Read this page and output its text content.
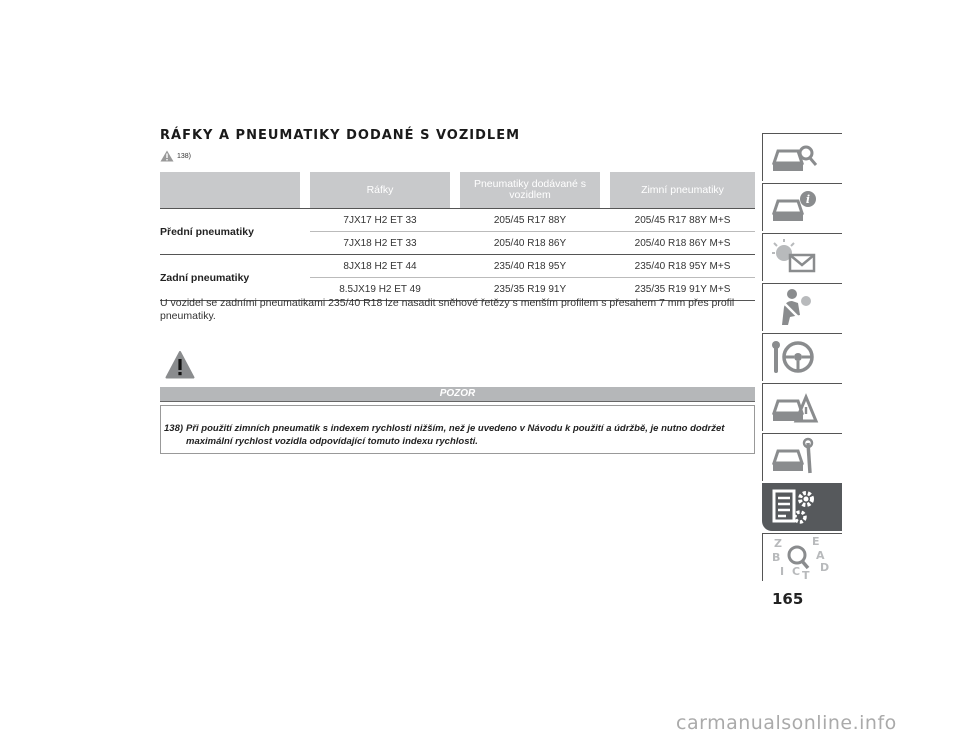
RÁFKY A PNEUMATIKY DODANÉ S VOZIDLEM
138)
		Ráfky		Pneumatiky dodávané s vozidlem		Zimní pneumatiky
Přední pneumatiky		7JX17 H2 ET 33		205/45 R17 88Y		205/45 R17 88Y M+S
		7JX18 H2 ET 33		205/40 R18 86Y		205/40 R18 86Y M+S
Zadní pneumatiky		8JX18 H2 ET 44		235/40 R18 95Y		235/40 R18 95Y M+S
		8.5JX19 H2 ET 49		235/35 R19 91Y		235/35 R19 91Y M+S
U vozidel se zadními pneumatikami 235/40 R18 lze nasadit sněhové řetězy s menším profilem s přesahem 7 mm přes profil pneumatiky.
POZOR
138) Při použití zimních pneumatik s indexem rychlosti nižším, než je uvedeno v Návodu k použití a údržbě, je nutno dodržet maximální rychlost vozidla odpovídající tomuto indexu rychlosti.
i
Z	E
B	A
I C T
D
165
carmanualsonline.info
